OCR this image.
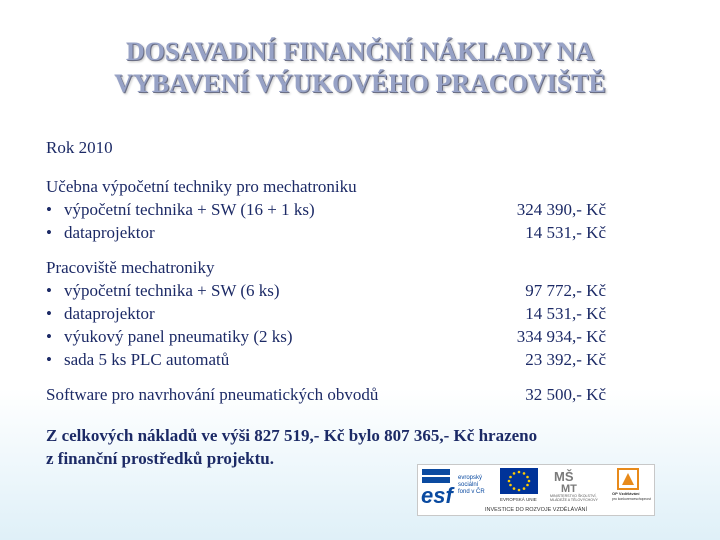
DOSAVADNÍ FINANČNÍ NÁKLADY NA
VYBAVENÍ VÝUKOVÉHO PRACOVIŠTĚ
Rok 2010
Učebna výpočetní techniky pro mechatroniku
• výpočetní technika + SW (16 + 1 ks)	324 390,- Kč
• dataprojektor	14 531,- Kč
Pracoviště mechatroniky
• výpočetní technika + SW (6 ks)	97 772,- Kč
• dataprojektor	14 531,- Kč
• výukový panel pneumatiky (2 ks)	334 934,- Kč
• sada 5 ks PLC automatů	23 392,- Kč
Software pro navrhování pneumatických obvodů	32 500,- Kč
Z celkových nákladů ve výši 827 519,- Kč bylo 807 365,- Kč hrazeno
z finanční prostředků projektu.
esf
evropský
sociální
fond v ČR
EVROPSKÁ UNIE
MŠ
MT
MINISTERSTVO ŠKOLSTVÍ,
MLÁDEŽE A TĚLOVÝCHOVY
OP Vzdělávání
pro konkurenceschopnost
INVESTICE DO ROZVOJE VZDĚLÁVÁNÍ
